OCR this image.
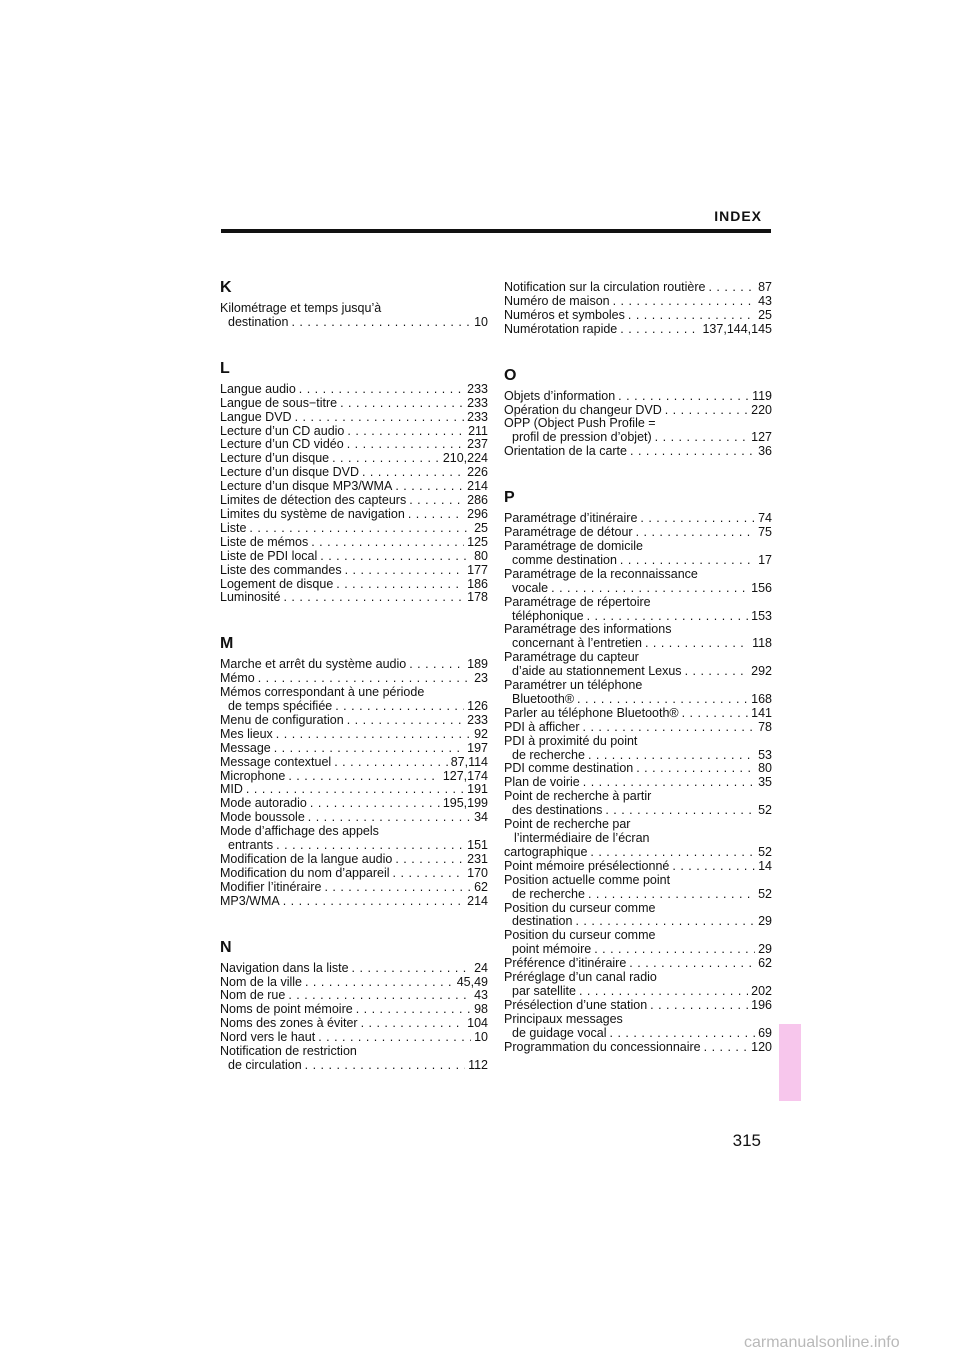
INDEX
K
Kilométrage et temps jusqu’à
destination . . .	10
L
Langue audio . . .	233
Langue de sous−titre . . .	233
Langue DVD . . .	233
Lecture d’un CD audio . . .	211
Lecture d’un CD vidéo . . .	237
Lecture d’un disque . . .	210,224
Lecture d’un disque DVD . . .	226
Lecture d’un disque MP3/WMA . . .	214
Limites de détection des capteurs . . .	286
Limites du système de navigation . . .	296
Liste . . .	25
Liste de mémos . . .	125
Liste de PDI local . . .	80
Liste des commandes . . .	177
Logement de disque . . .	186
Luminosité . . .	178
M
Marche et arrêt du système audio . . .	189
Mémo . . .	23
Mémos correspondant à une période
de temps spécifiée . . .	126
Menu de configuration . . .	233
Mes lieux . . .	92
Message . . .	197
Message contextuel . . .	87,114
Microphone . . .	127,174
MID . . .	191
Mode autoradio . . .	195,199
Mode boussole . . .	34
Mode d’affichage des appels
entrants . . .	151
Modification de la langue audio . . .	231
Modification du nom d’appareil . . .	170
Modifier l’itinéraire . . .	62
MP3/WMA . . .	214
N
Navigation dans la liste . . .	24
Nom de la ville . . .	45,49
Nom de rue . . .	43
Noms de point mémoire . . .	98
Noms des zones à éviter . . .	104
Nord vers le haut . . .	10
Notification de restriction
de circulation . . .	112
Notification sur la circulation routière . . .	87
Numéro de maison . . .	43
Numéros et symboles . . .	25
Numérotation rapide . . .	137,144,145
O
Objets d’information . . .	119
Opération du changeur DVD . . .	220
OPP (Object Push Profile =
profil de pression d’objet) . . .	127
Orientation de la carte . . .	36
P
Paramétrage d’itinéraire . . .	74
Paramétrage de détour . . .	75
Paramétrage de domicile
comme destination . . .	17
Paramétrage de la reconnaissance
vocale . . .	156
Paramétrage de répertoire
téléphonique . . .	153
Paramétrage des informations
concernant à l’entretien . . .	118
Paramétrage du capteur
d’aide au stationnement Lexus . . .	292
Paramétrer un téléphone
Bluetooth® . . .	168
Parler au téléphone Bluetooth® . . .	141
PDI à afficher . . .	78
PDI à proximité du point
de recherche . . .	53
PDI comme destination . . .	80
Plan de voirie . . .	35
Point de recherche à partir
des destinations . . .	52
Point de recherche par
l’intermédiaire de l’écran
cartographique . . .	52
Point mémoire présélectionné . . .	14
Position actuelle comme point
de recherche . . .	52
Position du curseur comme
destination . . .	29
Position du curseur comme
point mémoire . . .	29
Préférence d’itinéraire . . .	62
Préréglage d’un canal radio
par satellite . . .	202
Présélection d’une station . . .	196
Principaux messages
de guidage vocal . . .	69
Programmation du concessionnaire . . .	120
315
carmanualsonline.info
